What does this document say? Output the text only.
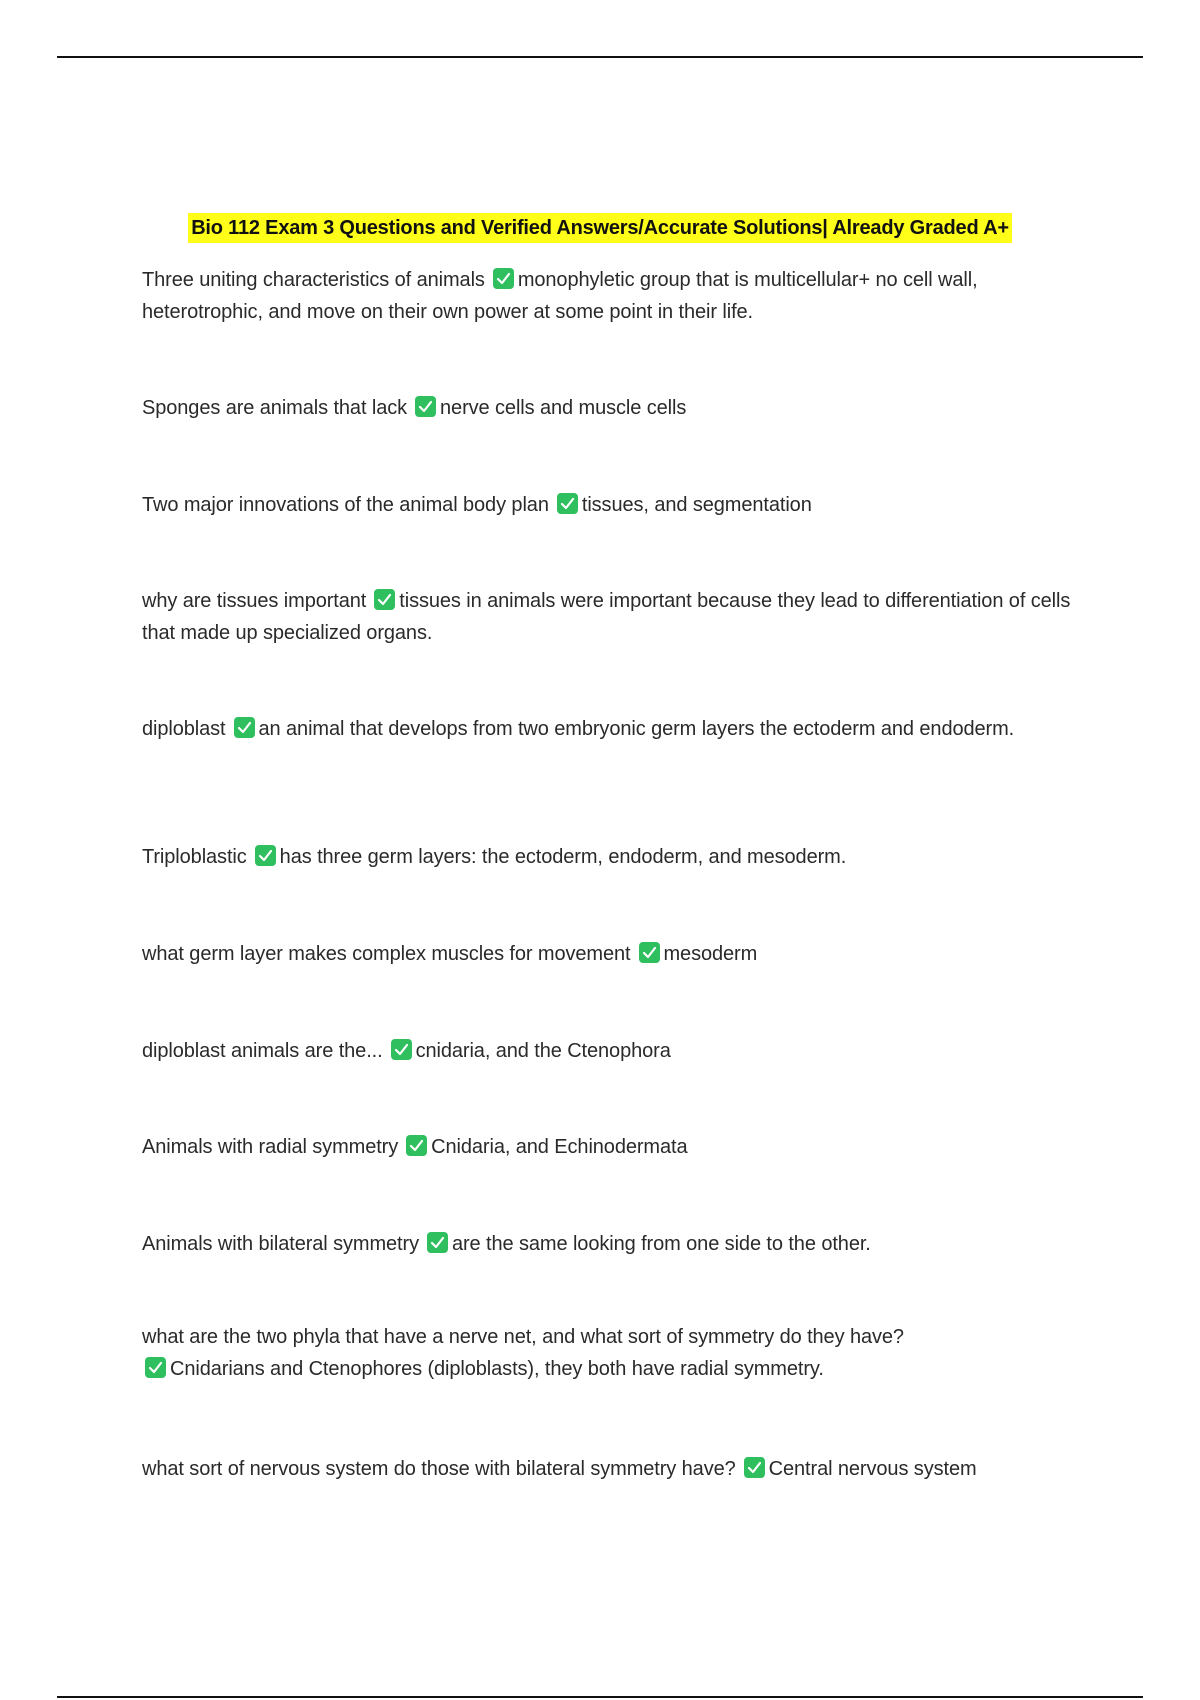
Bio 112 Exam 3 Questions and Verified Answers/Accurate Solutions| Already Graded A+
Three uniting characteristics of animals monophyletic group that is multicellular+ no cell wall, heterotrophic, and move on their own power at some point in their life.
Sponges are animals that lack nerve cells and muscle cells
Two major innovations of the animal body plan tissues, and segmentation
why are tissues important tissues in animals were important because they lead to differentiation of cells that made up specialized organs.
diploblast an animal that develops from two embryonic germ layers the ectoderm and endoderm.
Triploblastic has three germ layers: the ectoderm, endoderm, and mesoderm.
what germ layer makes complex muscles for movement mesoderm
diploblast animals are the... cnidaria, and the Ctenophora
Animals with radial symmetry Cnidaria, and Echinodermata
Animals with bilateral symmetry are the same looking from one side to the other.
what are the two phyla that have a nerve net, and what sort of symmetry do they have?

Cnidarians and Ctenophores (diploblasts), they both have radial symmetry.
what sort of nervous system do those with bilateral symmetry have? Central nervous system
